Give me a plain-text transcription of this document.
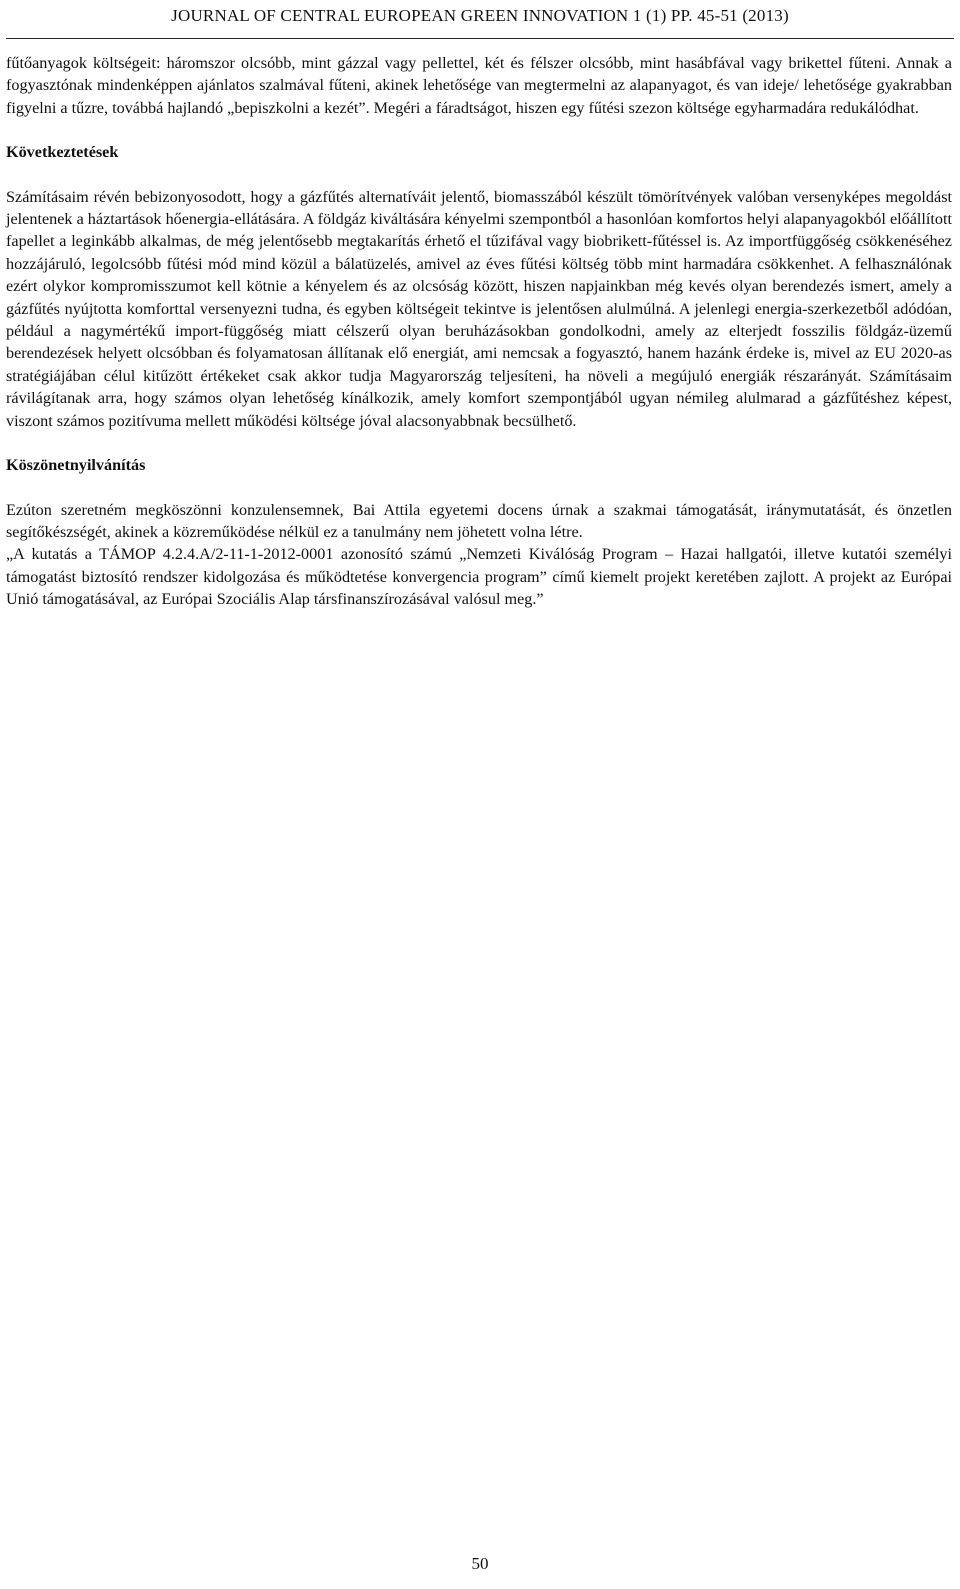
JOURNAL OF CENTRAL EUROPEAN GREEN INNOVATION 1 (1) PP. 45-51 (2013)

fűtőanyagok költségeit: háromszor olcsóbb, mint gázzal vagy pellettel, két és félszer olcsóbb, mint hasábfával vagy brikettel fűteni. Annak a fogyasztónak mindenképpen ajánlatos szalmával fűteni, akinek lehetősége van megtermelni az alapanyagot, és van ideje/ lehetősége gyakrabban figyelni a tűzre, továbbá hajlandó „bepiszkolni a kezét”. Megéri a fáradtságot, hiszen egy fűtési szezon költsége egyharmadára redukálódhat.

Következtetések

Számításaim révén bebizonyosodott, hogy a gázfűtés alternatíváit jelentő, biomasszából készült tömörítvények valóban versenyképes megoldást jelentenek a háztartások hőenergia-ellátására. A földgáz kiváltására kényelmi szempontból a hasonlóan komfortos helyi alapanyagokból előállított fapellet a leginkább alkalmas, de még jelentősebb megtakarítás érhető el tűzifával vagy biobrikett-fűtéssel is. Az importfüggőség csökkenéséhez hozzájáruló, legolcsóbb fűtési mód mind közül a bálatüzelés, amivel az éves fűtési költség több mint harmadára csökkenhet. A felhasználónak ezért olykor kompromisszumot kell kötnie a kényelem és az olcsóság között, hiszen napjainkban még kevés olyan berendezés ismert, amely a gázfűtés nyújtotta komforttal versenyezni tudna, és egyben költségeit tekintve is jelentősen alulmúlná. A jelenlegi energia-szerkezetből adódóan, például a nagymértékű import-függőség miatt célszerű olyan beruházásokban gondolkodni, amely az elterjedt fosszilis földgáz-üzemű berendezések helyett olcsóbban és folyamatosan állítanak elő energiát, ami nemcsak a fogyasztó, hanem hazánk érdeke is, mivel az EU 2020-as stratégiájában célul kitűzött értékeket csak akkor tudja Magyarország teljesíteni, ha növeli a megújuló energiák részarányát. Számításaim rávilágítanak arra, hogy számos olyan lehetőség kínálkozik, amely komfort szempontjából ugyan némileg alulmarad a gázfűtéshez képest, viszont számos pozitívuma mellett működési költsége jóval alacsonyabbnak becsülhető.

Köszönetnyilvánítás

Ezúton szeretném megköszönni konzulensemnek, Bai Attila egyetemi docens úrnak a szakmai támogatását, iránymutatását, és önzetlen segítőkészségét, akinek a közreműködése nélkül ez a tanulmány nem jöhetett volna létre.

„A kutatás a TÁMOP 4.2.4.A/2-11-1-2012-0001 azonosító számú „Nemzeti Kiválóság Program – Hazai hallgatói, illetve kutatói személyi támogatást biztosító rendszer kidolgozása és működtetése konvergencia program” című kiemelt projekt keretében zajlott. A projekt az Európai Unió támogatásával, az Európai Szociális Alap társfinanszírozásával valósul meg.”

50
